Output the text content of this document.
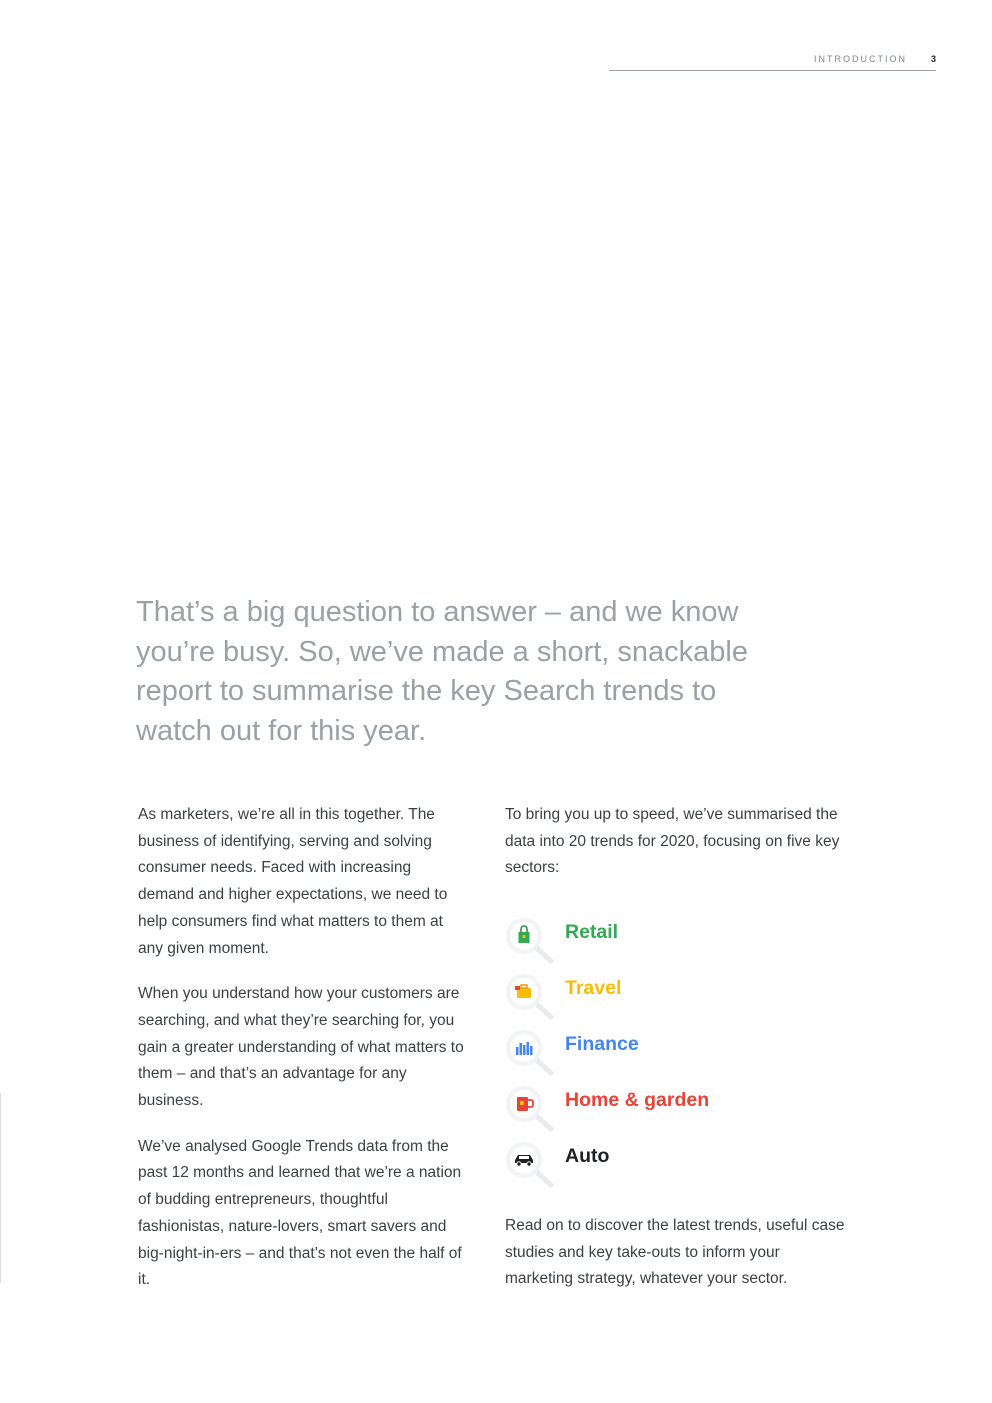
INTRODUCTION	3
That’s a big question to answer – and we know you’re busy. So, we’ve made a short, snackable report to summarise the key Search trends to watch out for this year.

As marketers, we’re all in this together. The business of identifying, serving and solving consumer needs. Faced with increasing demand and higher expectations, we need to help consumers find what matters to them at any given moment.

When you understand how your customers are searching, and what they’re searching for, you gain a greater understanding of what matters to them – and that’s an advantage for any business.

We’ve analysed Google Trends data from the past 12 months and learned that we’re a nation of budding entrepreneurs, thoughtful fashionistas, nature-lovers, smart savers and big-night-in-ers – and that’s not even the half of it.

To bring you up to speed, we’ve summarised the data into 20 trends for 2020, focusing on five key sectors:

Retail
Travel
Finance
Home & garden
Auto
Read on to discover the latest trends, useful case studies and key take-outs to inform your marketing strategy, whatever your sector.
